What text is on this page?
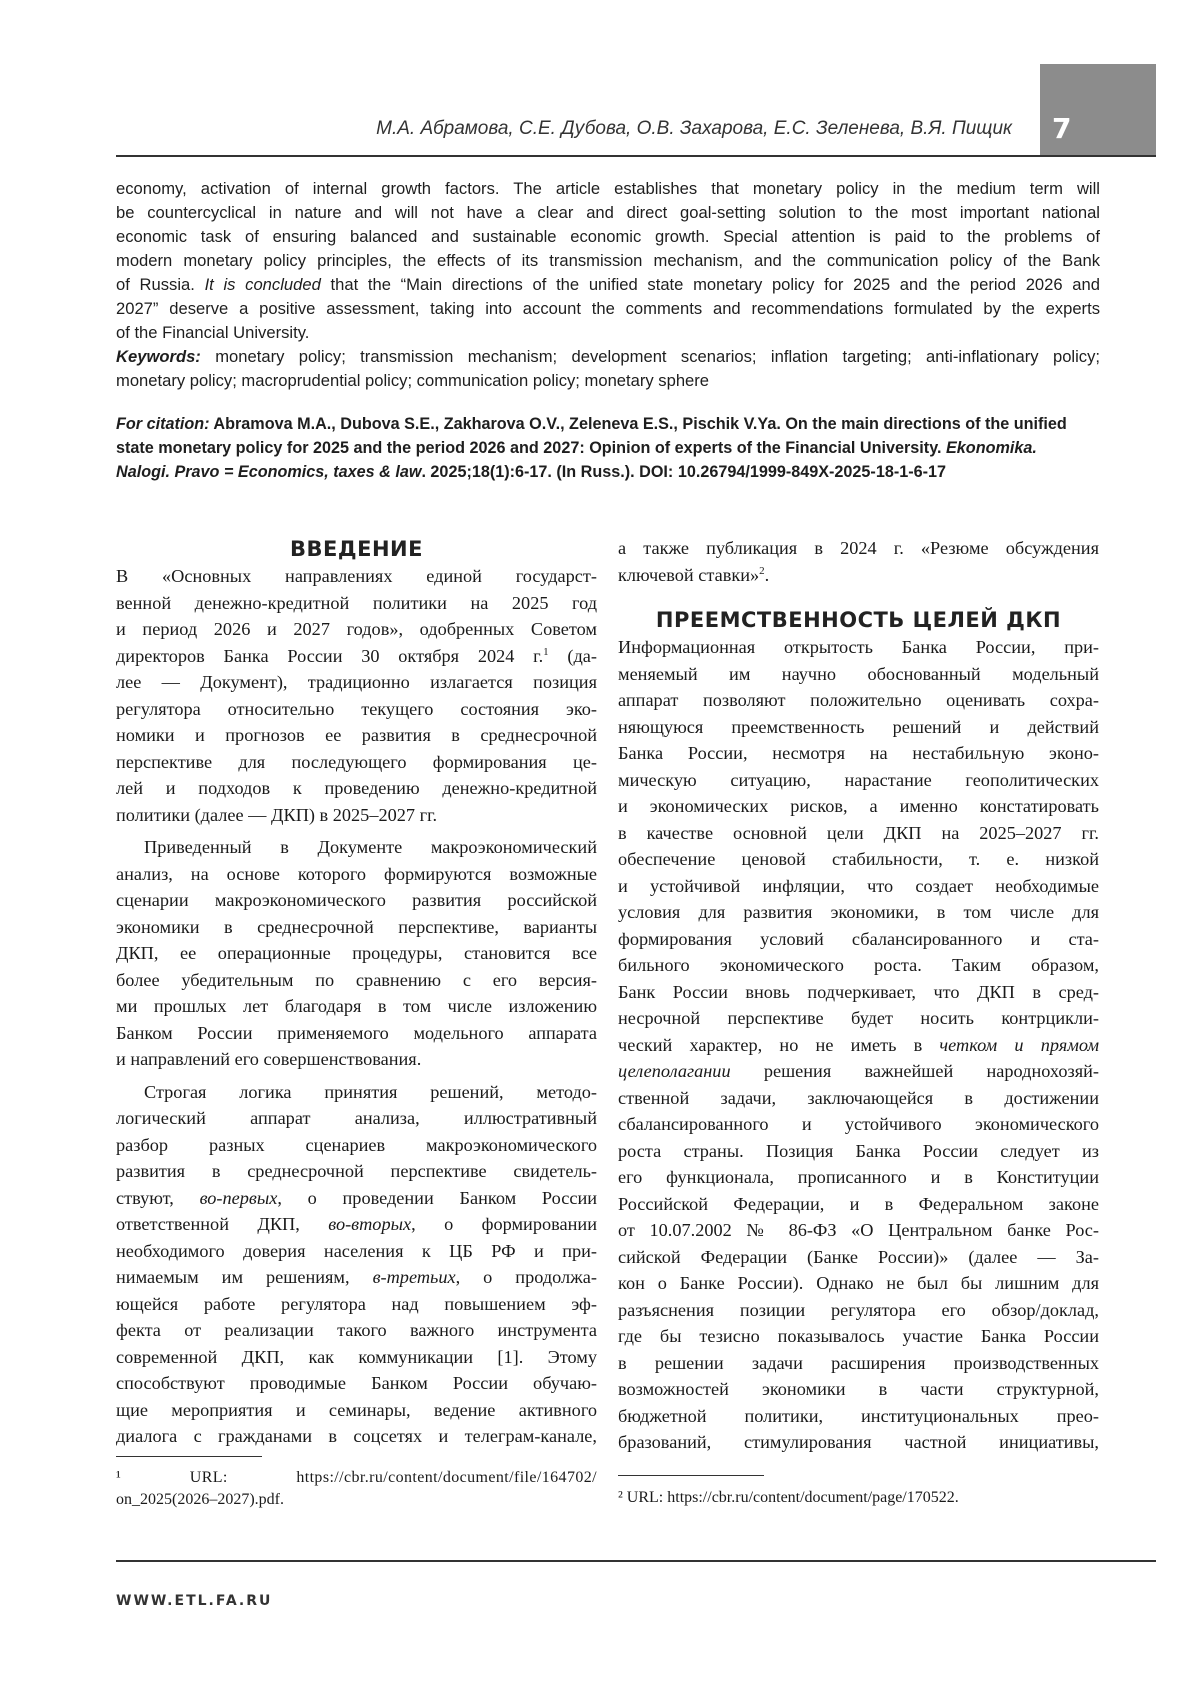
7
М.А. Абрамова, С.Е. Дубова, О.В. Захарова, Е.С. Зеленева, В.Я. Пищик
economy, activation of internal growth factors. The article establishes that monetary policy in the medium term will
be countercyclical in nature and will not have a clear and direct goal-setting solution to the most important national
economic task of ensuring balanced and sustainable economic growth. Special attention is paid to the problems of
modern monetary policy principles, the effects of its transmission mechanism, and the communication policy of the Bank
of Russia. It is concluded that the “Main directions of the unified state monetary policy for 2025 and the period 2026 and
2027” deserve a positive assessment, taking into account the comments and recommendations formulated by the experts
of the Financial University.
Keywords: monetary policy; transmission mechanism; development scenarios; inflation targeting; anti-inflationary policy;
monetary policy; macroprudential policy; communication policy; monetary sphere
For citation: Abramova M.A., Dubova S.E., Zakharova O.V., Zeleneva E.S., Pischik V.Ya. On the main directions of the unified
state monetary policy for 2025 and the period 2026 and 2027: Opinion of experts of the Financial University. Ekonomika.
Nalogi. Pravo = Economics, taxes & law. 2025;18(1):6-17. (In Russ.). DOI: 10.26794/1999-849X-2025-18-1-6-17
ВВЕДЕНИЕ
В «Основных направлениях единой государст-
венной денежно-кредитной политики на 2025 год
и период 2026 и 2027 годов», одобренных Советом
директоров Банка России 30 октября 2024 г.$^1$ (да-
лее — Документ), традиционно излагается позиция
регулятора относительно текущего состояния эко-
номики и прогнозов ее развития в среднесрочной
перспективе для последующего формирования це-
лей и подходов к проведению денежно-кредитной
политики (далее — ДКП) в 2025–2027 гг.
Приведенный в Документе макроэкономический
анализ, на основе которого формируются возможные
сценарии макроэкономического развития российской
экономики в среднесрочной перспективе, варианты
ДКП, ее операционные процедуры, становится все
более убедительным по сравнению с его версия-
ми прошлых лет благодаря в том числе изложению
Банком России применяемого модельного аппарата
и направлений его совершенствования.
Строгая логика принятия решений, методо-
логический аппарат анализа, иллюстративный
разбор разных сценариев макроэкономического
развития в среднесрочной перспективе свидетель-
ствуют, во-первых, о проведении Банком России
ответственной ДКП, во-вторых, о формировании
необходимого доверия населения к ЦБ РФ и при-
нимаемым им решениям, в-третьих, о продолжа-
ющейся работе регулятора над повышением эф-
фекта от реализации такого важного инструмента
современной ДКП, как коммуникации [1]. Этому
способствуют проводимые Банком России обучаю-
щие мероприятия и семинары, ведение активного
диалога с гражданами в соцсетях и телеграм-канале,
¹ URL: https://cbr.ru/content/document/file/164702/
on_2025(2026–2027).pdf.
а также публикация в 2024 г. «Резюме обсуждения
ключевой ставки»$^2$.
ПРЕЕМСТВЕННОСТЬ ЦЕЛЕЙ ДКП
Информационная открытость Банка России, при-
меняемый им научно обоснованный модельный
аппарат позволяют положительно оценивать сохра-
няющуюся преемственность решений и действий
Банка России, несмотря на нестабильную эконо-
мическую ситуацию, нарастание геополитических
и экономических рисков, а именно констатировать
в качестве основной цели ДКП на 2025–2027 гг.
обеспечение ценовой стабильности, т. е. низкой
и устойчивой инфляции, что создает необходимые
условия для развития экономики, в том числе для
формирования условий сбалансированного и ста-
бильного экономического роста. Таким образом,
Банк России вновь подчеркивает, что ДКП в сред-
несрочной перспективе будет носить контрцикли-
ческий характер, но не иметь в четком и прямом
целеполагании решения важнейшей народнохозяй-
ственной задачи, заключающейся в достижении
сбалансированного и устойчивого экономического
роста страны. Позиция Банка России следует из
его функционала, прописанного и в Конституции
Российской Федерации, и в Федеральном законе
от 10.07.2002 № 86-ФЗ «О Центральном банке Рос-
сийской Федерации (Банке России)» (далее — За-
кон о Банке России). Однако не был бы лишним для
разъяснения позиции регулятора его обзор/доклад,
где бы тезисно показывалось участие Банка России
в решении задачи расширения производственных
возможностей экономики в части структурной,
бюджетной политики, институциональных прео-
бразований, стимулирования частной инициативы,
² URL: https://cbr.ru/content/document/page/170522.
WWW.ETL.FA.RU
